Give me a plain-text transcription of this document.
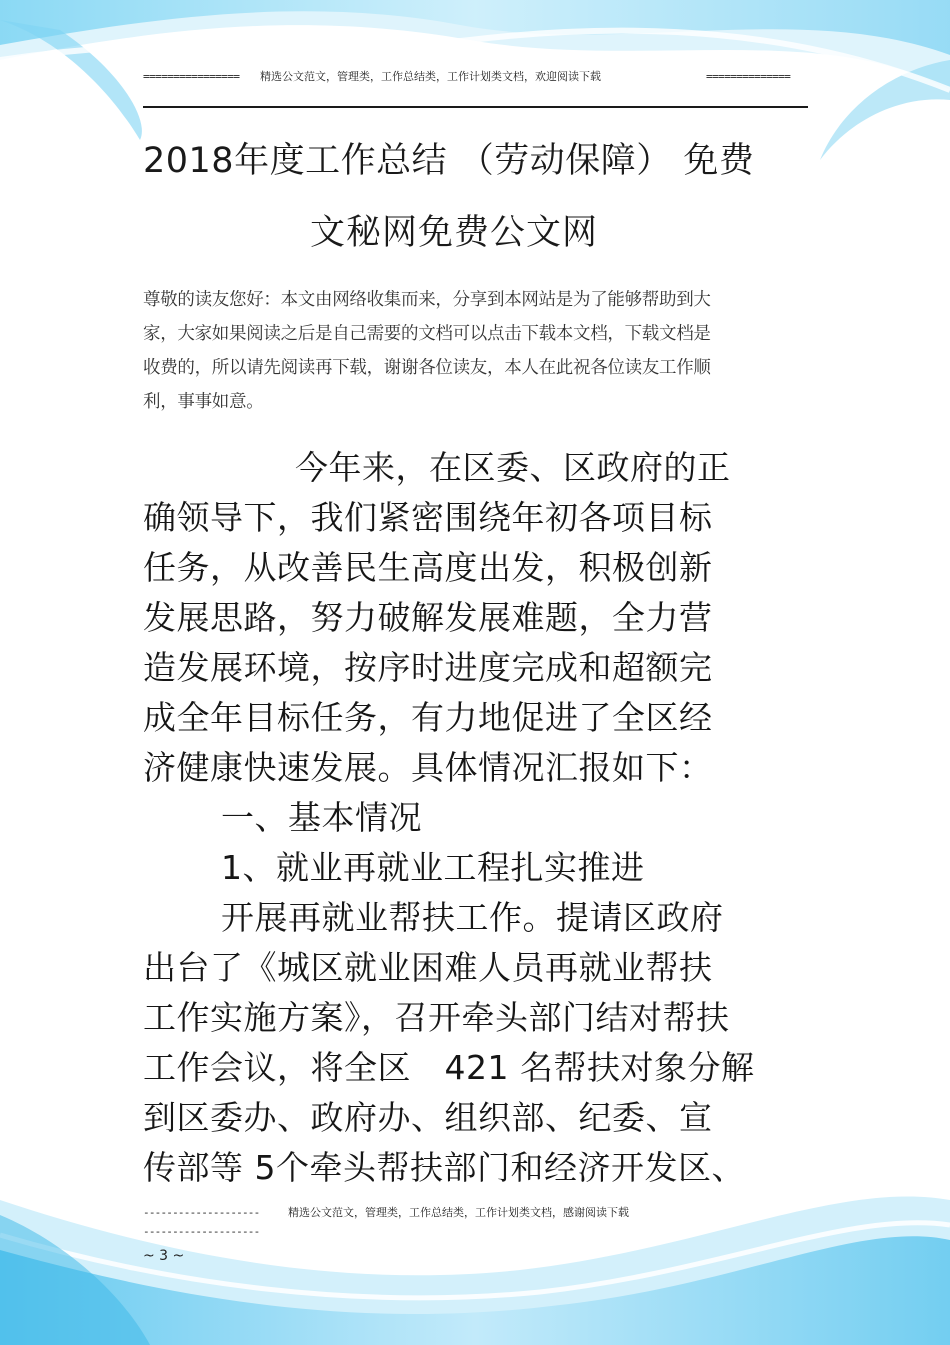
================	精选公文范文，管理类，工作总结类，工作计划类文档，欢迎阅读下载	==============
2018年度工作总结 （劳动保障） 免费
文秘网免费公文网
尊敬的读友您好：本文由网络收集而来，分享到本网站是为了能够帮助到大
家，大家如果阅读之后是自己需要的文档可以点击下载本文档，下载文档是
收费的，所以请先阅读再下载，谢谢各位读友，本人在此祝各位读友工作顺
利，事事如意。
今年来，在区委、区政府的正
确领导下，我们紧密围绕年初各项目标
任务，从改善民生高度出发，积极创新
发展思路，努力破解发展难题，全力营
造发展环境，按序时进度完成和超额完
成全年目标任务，有力地促进了全区经
济健康快速发展。具体情况汇报如下：
一、基本情况
1、就业再就业工程扎实推进
开展再就业帮扶工作。提请区政府
出台了《城区就业困难人员再就业帮扶
工作实施方案》，召开牵头部门结对帮扶
工作会议，将全区　421 名帮扶对象分解
到区委办、政府办、组织部、纪委、宣
传部等 5个牵头帮扶部门和经济开发区、
--------------------
--------------------
精选公文范文，管理类，工作总结类，工作计划类文档，感谢阅读下载
~ 3 ~
